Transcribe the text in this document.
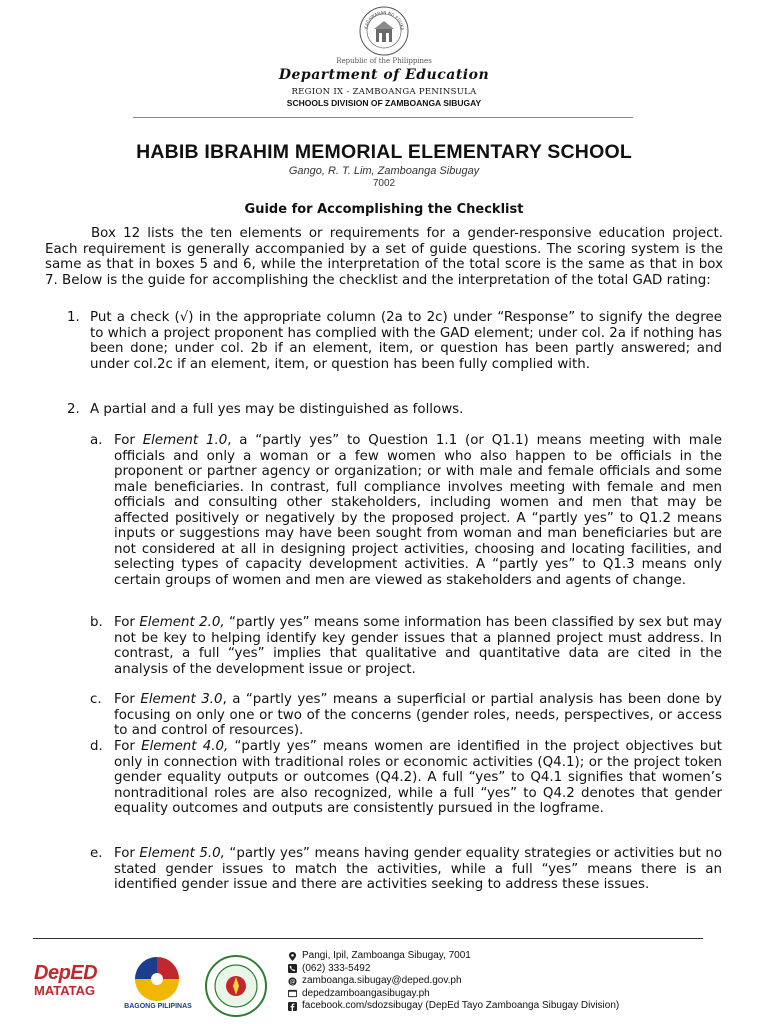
KAGAWARAN NG EDUKA
Republic of the Philippines
Department of Education
REGION IX - ZAMBOANGA PENINSULA
SCHOOLS DIVISION OF ZAMBOANGA SIBUGAY
HABIB IBRAHIM MEMORIAL ELEMENTARY SCHOOL
Gango, R. T. Lim, Zamboanga Sibugay
7002
Guide for Accomplishing the Checklist

Box 12 lists the ten elements or requirements for a gender-responsive education project. Each requirement is generally accompanied by a set of guide questions. The scoring system is the same as that in boxes 5 and 6, while the interpretation of the total score is the same as that in box 7. Below is the guide for accomplishing the checklist and the interpretation of the total GAD rating:

1. Put a check (√) in the appropriate column (2a to 2c) under “Response” to signify the degree to which a project proponent has complied with the GAD element; under col. 2a if nothing has been done; under col. 2b if an element, item, or question has been partly answered; and under col.2c if an element, item, or question has been fully complied with.

2. A partial and a full yes may be distinguished as follows.

a. For Element 1.0, a “partly yes” to Question 1.1 (or Q1.1) means meeting with male officials and only a woman or a few women who also happen to be officials in the proponent or partner agency or organization; or with male and female officials and some male beneficiaries. In contrast, full compliance involves meeting with female and men officials and consulting other stakeholders, including women and men that may be affected positively or negatively by the proposed project. A “partly yes” to Q1.2 means inputs or suggestions may have been sought from woman and man beneficiaries but are not considered at all in designing project activities, choosing and locating facilities, and selecting types of capacity development activities. A “partly yes” to Q1.3 means only certain groups of women and men are viewed as stakeholders and agents of change.

b. For Element 2.0, “partly yes” means some information has been classified by sex but may not be key to helping identify key gender issues that a planned project must address. In contrast, a full “yes” implies that qualitative and quantitative data are cited in the analysis of the development issue or project.

c. For Element 3.0, a “partly yes” means a superficial or partial analysis has been done by focusing on only one or two of the concerns (gender roles, needs, perspectives, or access to and control of resources).

d. For Element 4.0, “partly yes” means women are identified in the project objectives but only in connection with traditional roles or economic activities (Q4.1); or the project token gender equality outputs or outcomes (Q4.2). A full “yes” to Q4.1 signifies that women’s nontraditional roles are also recognized, while a full “yes” to Q4.2 denotes that gender equality outcomes and outputs are consistently pursued in the logframe.

e. For Element 5.0, “partly yes” means having gender equality strategies or activities but no stated gender issues to match the activities, while a full “yes” means there is an identified gender issue and there are activities seeking to address these issues.

DepED
MATATAG
BAGONG PILIPINAS
Pangi, Ipil, Zamboanga Sibugay, 7001
(062) 333-5492
@ zamboanga.sibugay@deped.gov.ph
depedzamboangasibugay.ph
facebook.com/sdozsibugay (DepEd Tayo Zamboanga Sibugay Division)
